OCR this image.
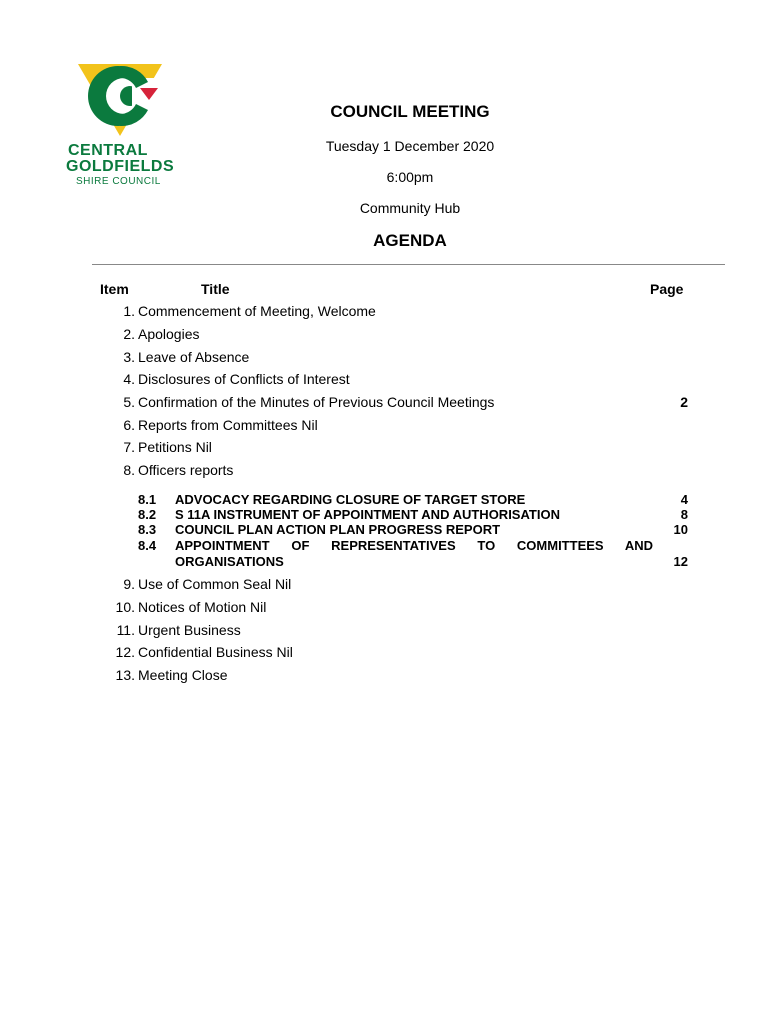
CENTRAL
GOLDFIELDS
SHIRE COUNCIL
COUNCIL MEETING
Tuesday 1 December 2020
6:00pm
Community Hub
AGENDA
Item	Title	Page
1. Commencement of Meeting, Welcome
2. Apologies
3. Leave of Absence
4. Disclosures of Conflicts of Interest
5. Confirmation of the Minutes of Previous Council Meetings	2
6. Reports from Committees Nil
7. Petitions Nil
8. Officers reports
8.1 ADVOCACY REGARDING CLOSURE OF TARGET STORE	4
8.2 S 11A INSTRUMENT OF APPOINTMENT AND AUTHORISATION	8
8.3 COUNCIL PLAN ACTION PLAN PROGRESS REPORT	10
8.4 APPOINTMENT OF REPRESENTATIVES TO COMMITTEES AND
ORGANISATIONS	12
9. Use of Common Seal Nil
10. Notices of Motion Nil
11. Urgent Business
12. Confidential Business Nil
13. Meeting Close
